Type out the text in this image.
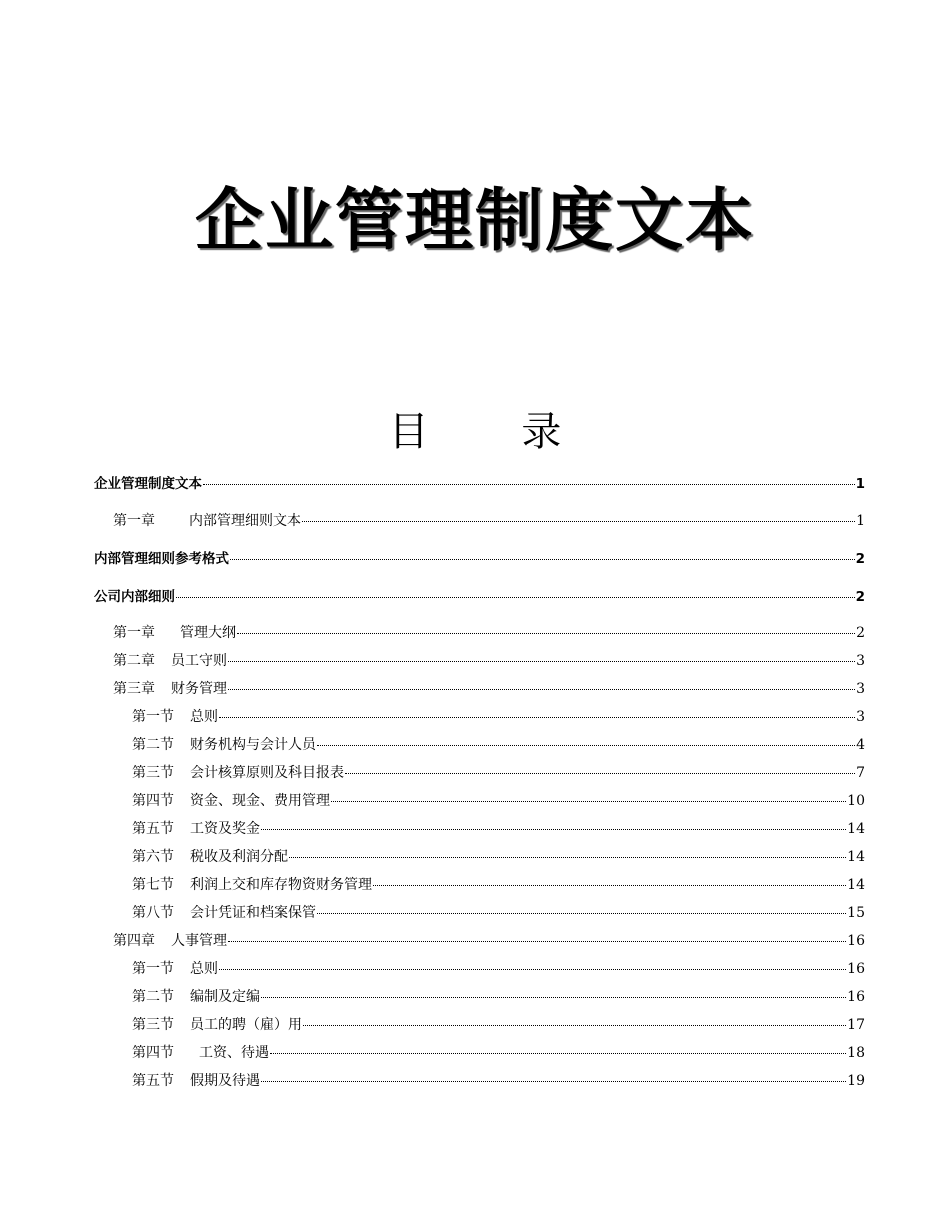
企业管理制度文本
目 录
企业管理制度文本	1
第一章 内部管理细则文本	1
内部管理细则参考格式	2
公司内部细则	2
第一章 管理大纲	2
第二章 员工守则	3
第三章 财务管理	3
第一节 总则	3
第二节 财务机构与会计人员	4
第三节 会计核算原则及科目报表	7
第四节 资金、现金、费用管理	10
第五节 工资及奖金	14
第六节 税收及利润分配	14
第七节 利润上交和库存物资财务管理	14
第八节 会计凭证和档案保管	15
第四章 人事管理	16
第一节 总则	16
第二节 编制及定编	16
第三节 员工的聘（雇）用	17
第四节 工资、待遇	18
第五节 假期及待遇	19
